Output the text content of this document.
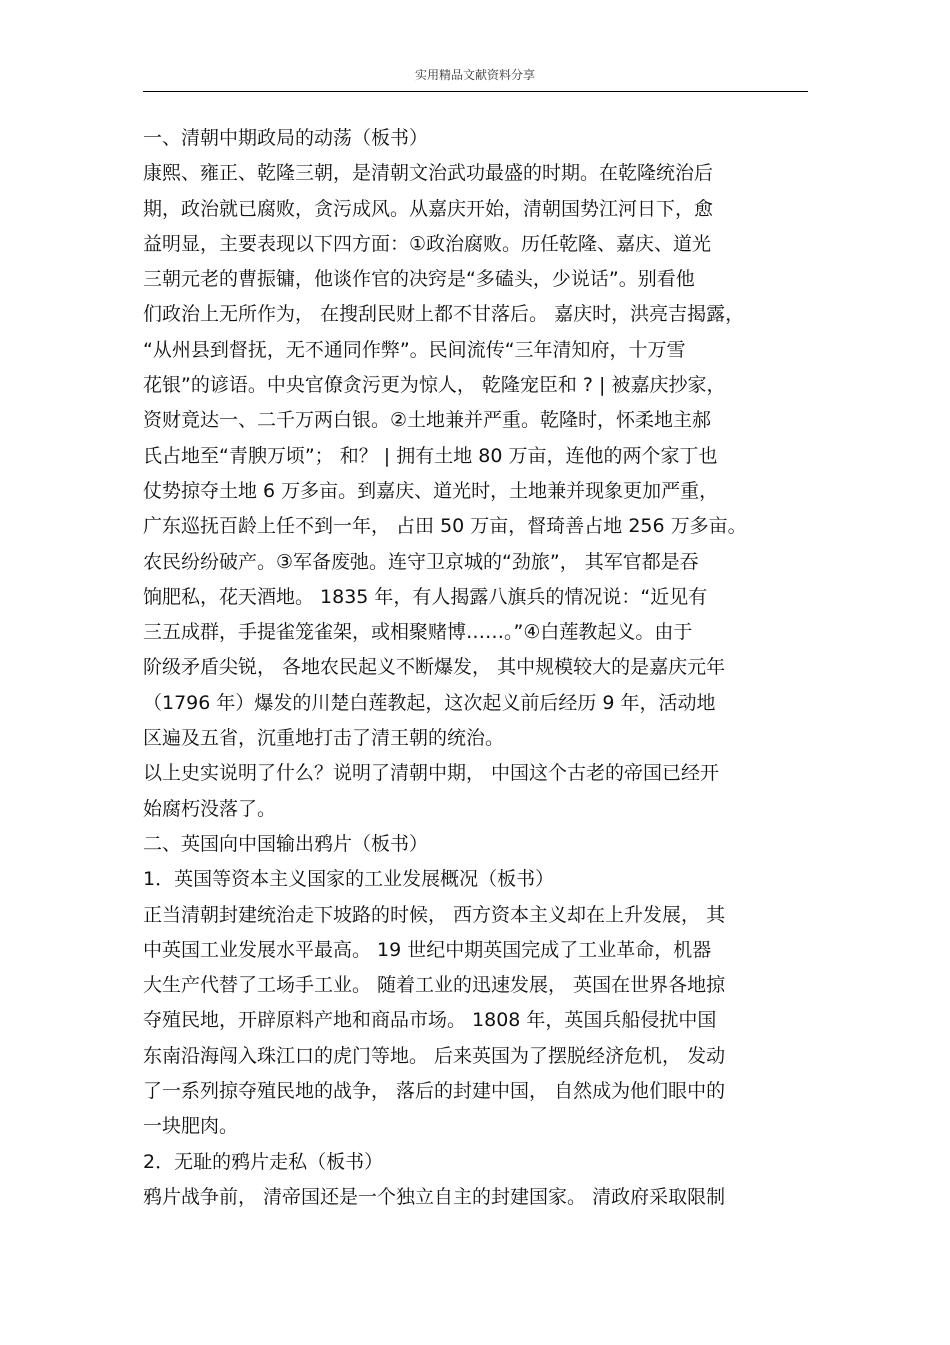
实用精品文献资料分享
一、清朝中期政局的动荡（板书）
康熙、雍正、乾隆三朝，是清朝文治武功最盛的时期。在乾隆统治后
期，政治就已腐败，贪污成风。从嘉庆开始，清朝国势江河日下，愈
益明显，主要表现以下四方面：①政治腐败。历任乾隆、嘉庆、道光
三朝元老的曹振镛，他谈作官的决窍是“多磕头，少说话”。别看他
们政治上无所作为， 在搜刮民财上都不甘落后。 嘉庆时，洪亮吉揭露，
“从州县到督抚，无不通同作弊”。民间流传“三年清知府，十万雪
花银”的谚语。中央官僚贪污更为惊人， 乾隆宠臣和 ? | 被嘉庆抄家，
资财竟达一、二千万两白银。②土地兼并严重。乾隆时，怀柔地主郝
氏占地至“青腴万顷”； 和？ | 拥有土地 80 万亩，连他的两个家丁也
仗势掠夺土地 6 万多亩。到嘉庆、道光时，土地兼并现象更加严重，
广东巡抚百龄上任不到一年， 占田 50 万亩，督琦善占地 256 万多亩。
农民纷纷破产。③军备废弛。连守卫京城的“劲旅”， 其军官都是吞
饷肥私，花天酒地。 1835 年，有人揭露八旗兵的情况说：“近见有
三五成群，手提雀笼雀架，或相聚赌博……。”④白莲教起义。由于
阶级矛盾尖锐， 各地农民起义不断爆发， 其中规模较大的是嘉庆元年
（1796 年）爆发的川楚白莲教起，这次起义前后经历 9 年，活动地
区遍及五省，沉重地打击了清王朝的统治。
以上史实说明了什么？说明了清朝中期， 中国这个古老的帝国已经开
始腐朽没落了。
二、英国向中国输出鸦片（板书）
1．英国等资本主义国家的工业发展概况（板书）
正当清朝封建统治走下坡路的时候， 西方资本主义却在上升发展， 其
中英国工业发展水平最高。 19 世纪中期英国完成了工业革命，机器
大生产代替了工场手工业。 随着工业的迅速发展， 英国在世界各地掠
夺殖民地，开辟原料产地和商品市场。 1808 年，英国兵船侵扰中国
东南沿海闯入珠江口的虎门等地。 后来英国为了摆脱经济危机， 发动
了一系列掠夺殖民地的战争， 落后的封建中国， 自然成为他们眼中的
一块肥肉。
2．无耻的鸦片走私（板书）
鸦片战争前， 清帝国还是一个独立自主的封建国家。 清政府采取限制
